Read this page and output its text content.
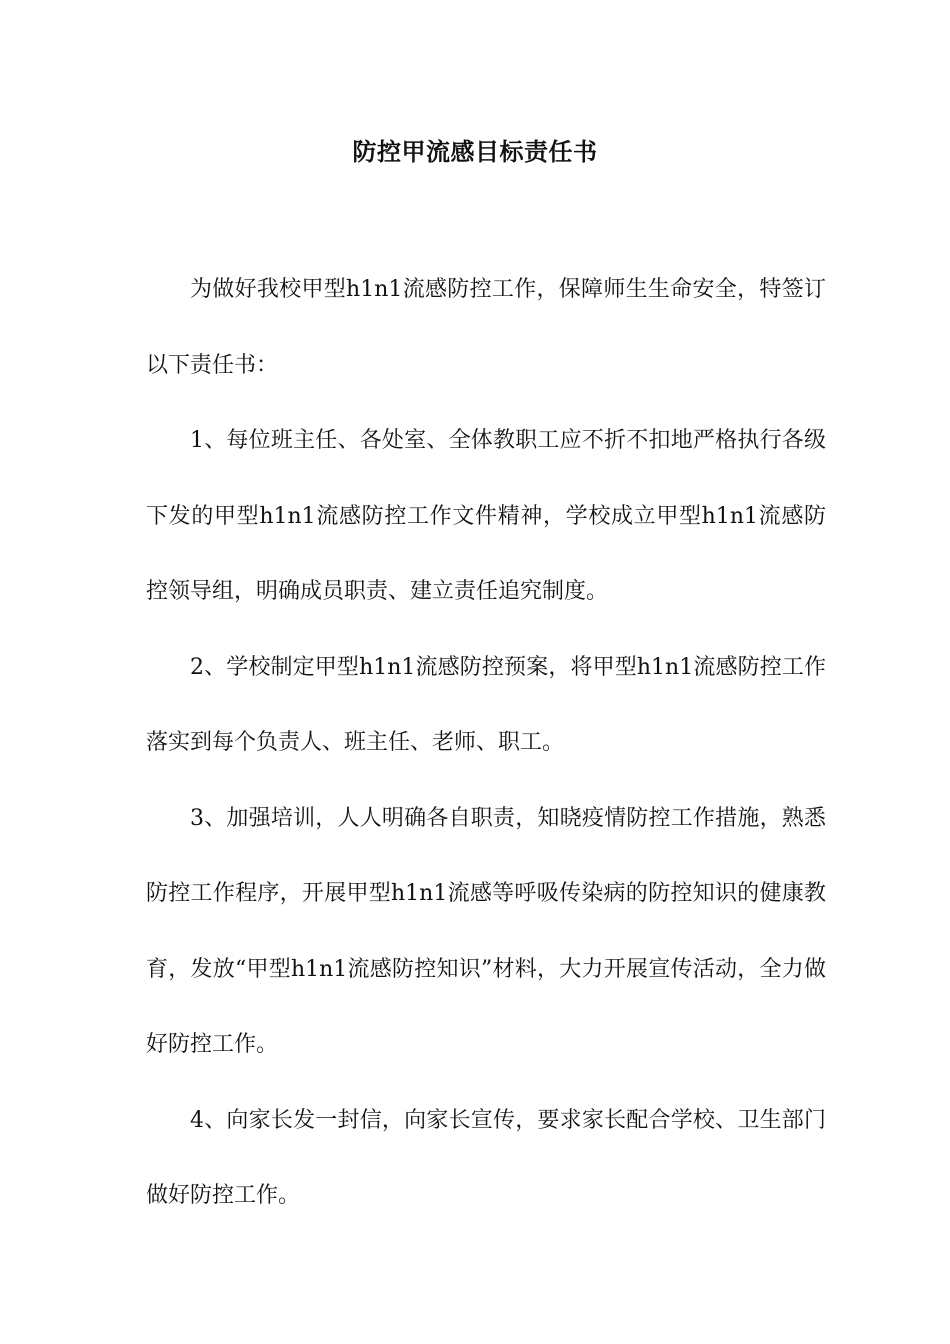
防控甲流感目标责任书

为做好我校甲型h1n1流感防控工作，保障师生生命安全，特签订以下责任书：

1、每位班主任、各处室、全体教职工应不折不扣地严格执行各级下发的甲型h1n1流感防控工作文件精神，学校成立甲型h1n1流感防控领导组，明确成员职责、建立责任追究制度。

2、学校制定甲型h1n1流感防控预案，将甲型h1n1流感防控工作落实到每个负责人、班主任、老师、职工。

3、加强培训，人人明确各自职责，知晓疫情防控工作措施，熟悉防控工作程序，开展甲型h1n1流感等呼吸传染病的防控知识的健康教育，发放“甲型h1n1流感防控知识”材料，大力开展宣传活动，全力做好防控工作。

4、向家长发一封信，向家长宣传，要求家长配合学校、卫生部门做好防控工作。
